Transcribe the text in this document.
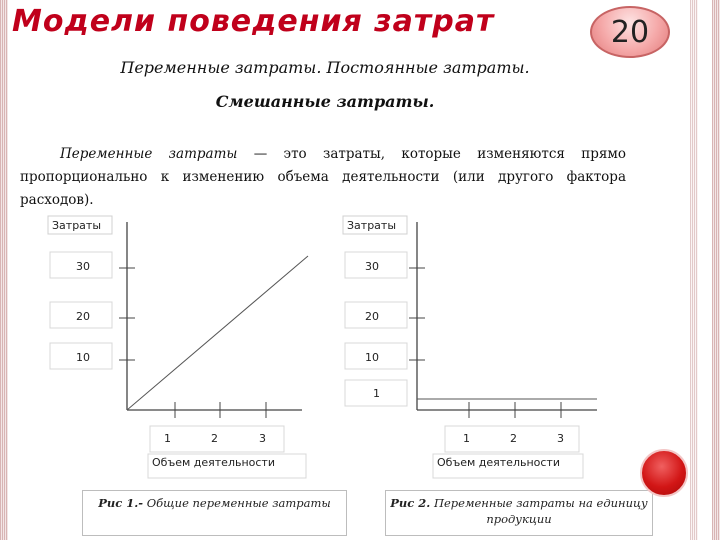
Модели поведения затрат	20
Переменные затраты. Постоянные затраты.
Смешанные затраты.
Переменные затраты — это затраты, которые изменяются прямо пропорционально к изменению объема деятельности (или другого фактора расходов).
Затраты
30
20
10
1	2	3
Объем деятельности
Затраты
30
20
10
1
1	2	3
Объем деятельности
Рис 1.- Общие переменные затраты	Рис 2. Переменные затраты на единицу продукции
